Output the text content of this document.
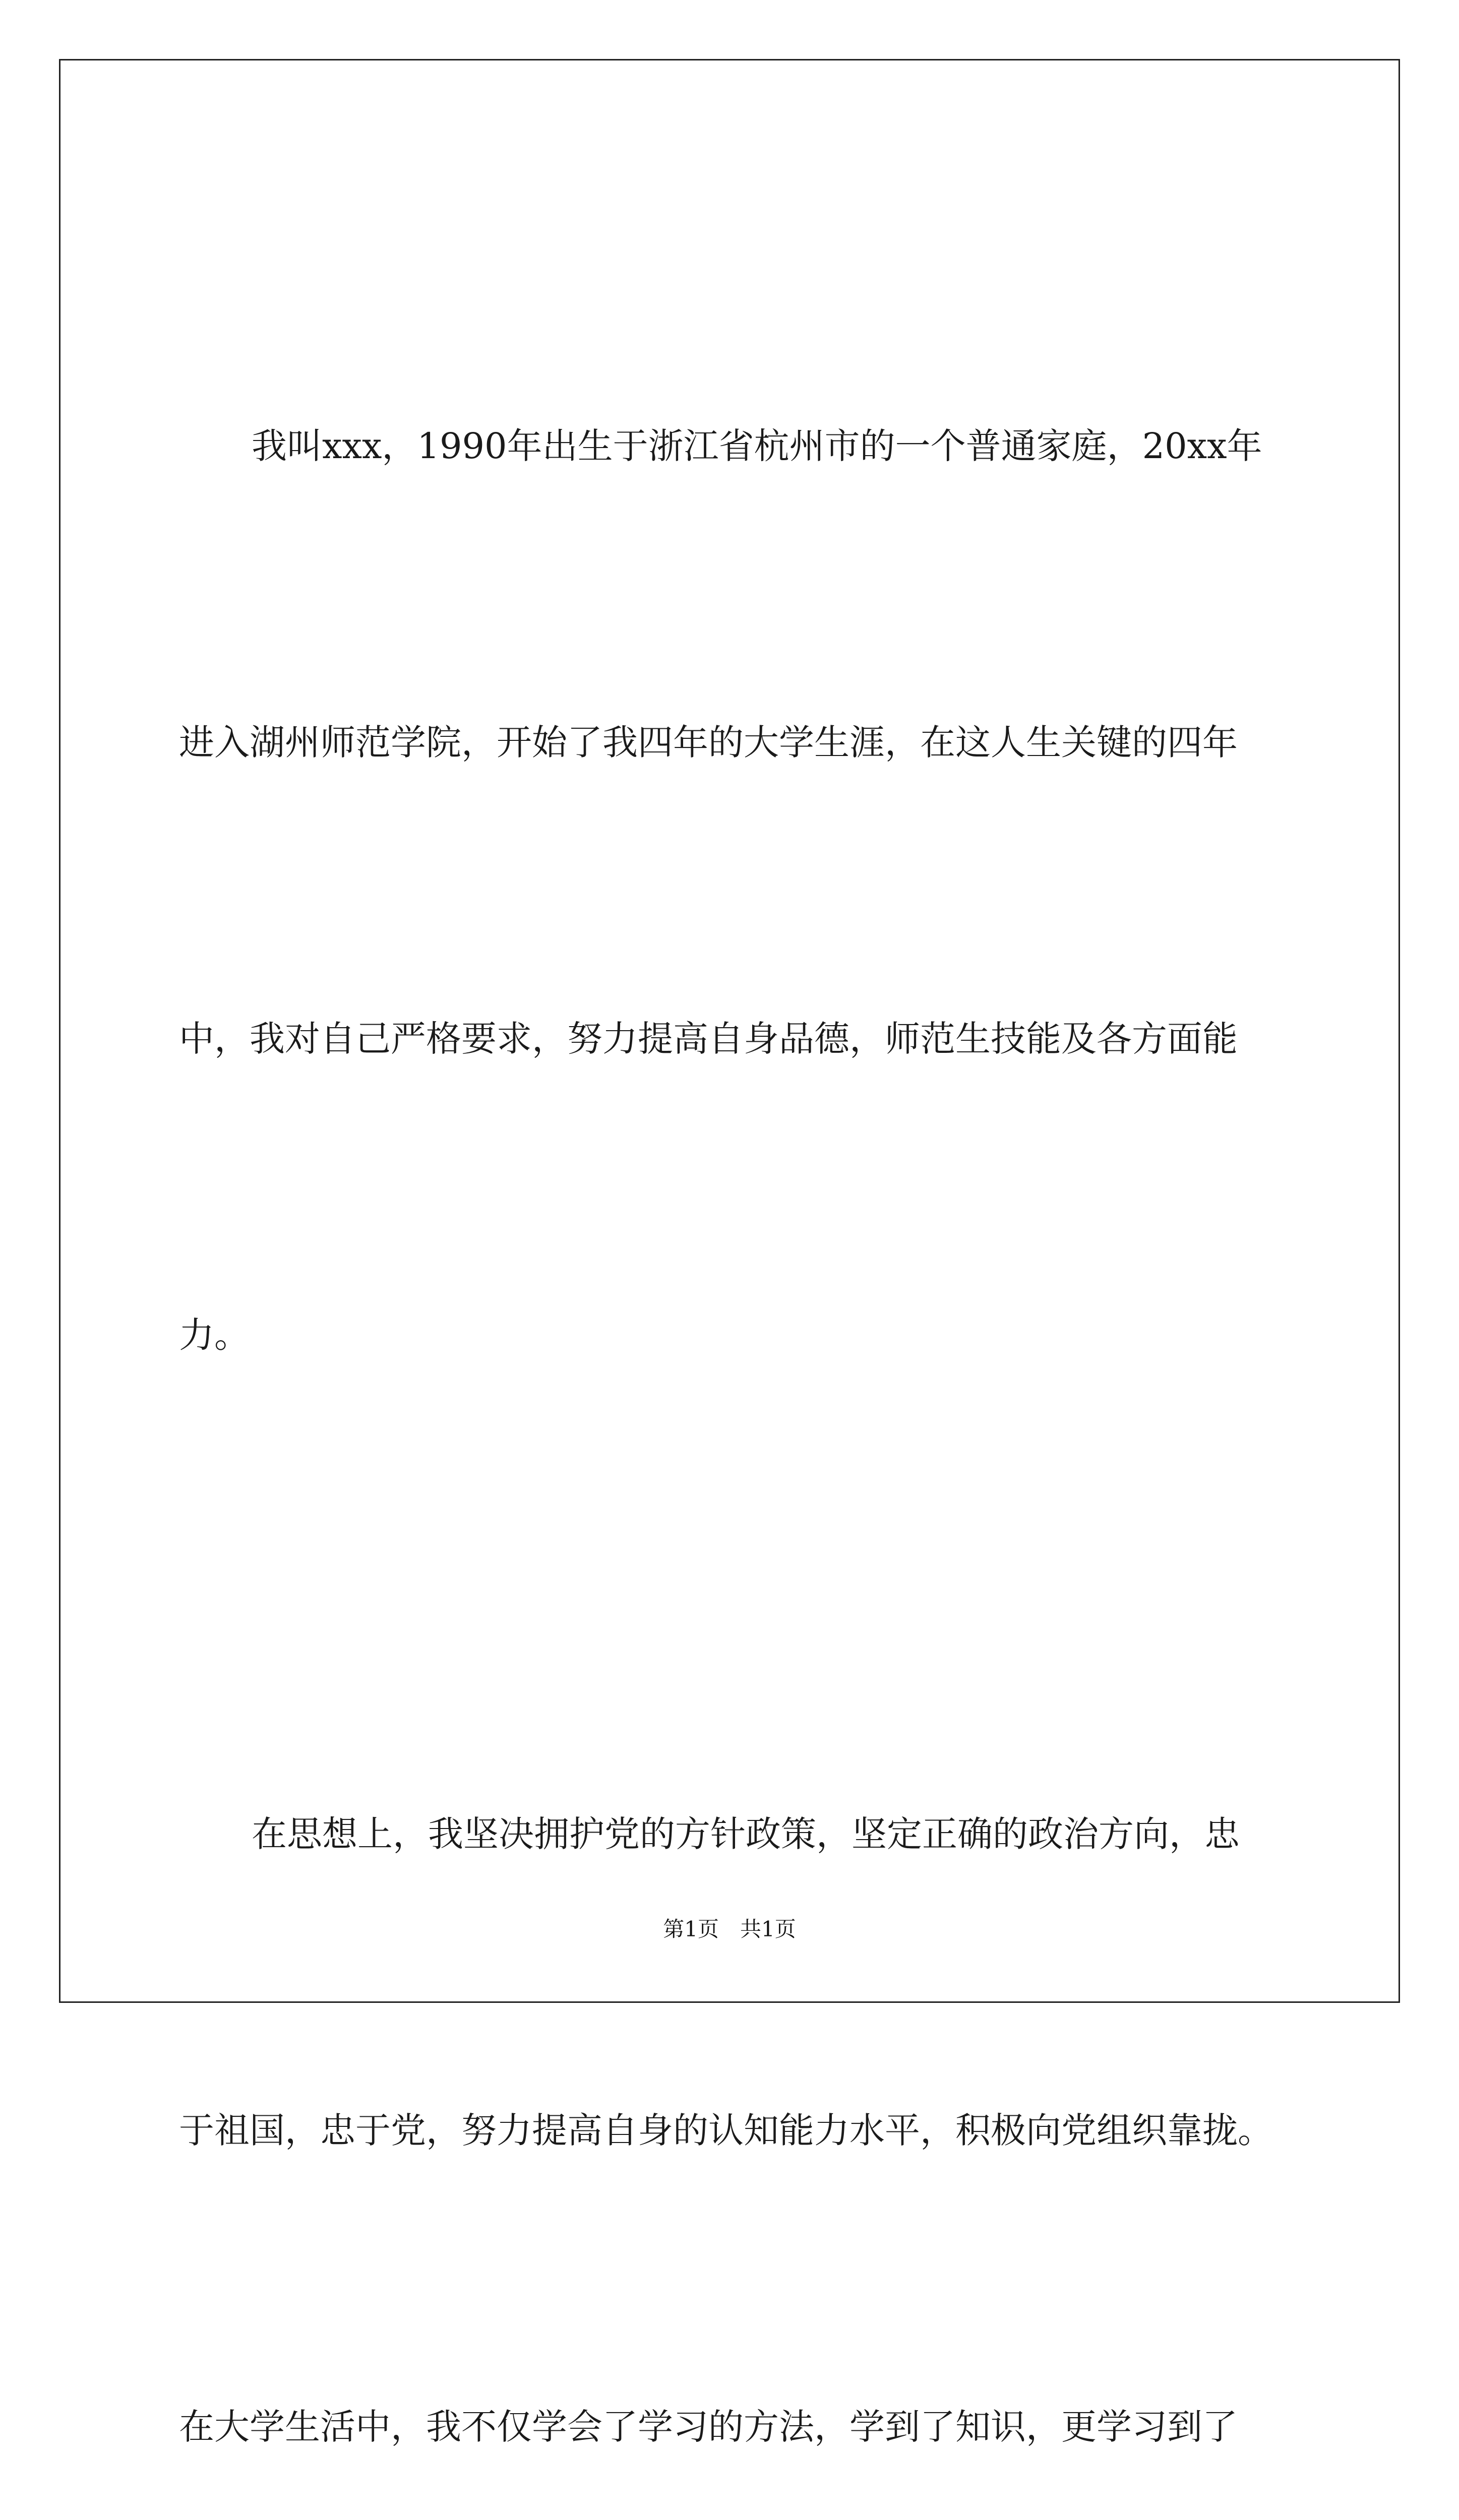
我叫xxx，1990年出生于浙江省杭州市的一个普通家庭，20xx年

进入湖州师范学院，开始了我四年的大学生涯，在这人生关键的四年

中，我对自己严格要求，努力提高自身品德，师范生技能及各方面能

力。

在思想上，我坚决拥护党的方针政策，坚定正确的政治方向，忠

于祖国，忠于党，努力提高自身的认知能力水平，积极向党组织靠拢。

在大学生活中，我不仅学会了学习的方法，学到了知识，更学习到了

第1页　共1页
